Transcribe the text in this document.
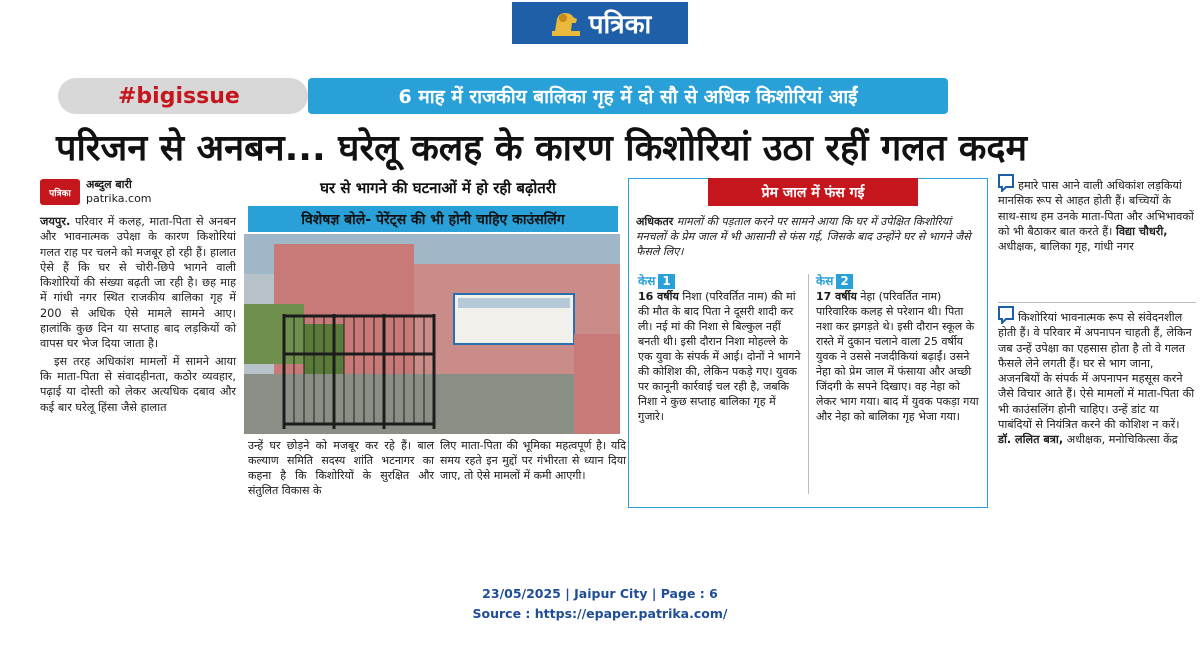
पत्रिका
#big issue	6 माह में राजकीय बालिका गृह में दो सौ से अधिक किशोरियां आईं
परिजन से अनबन... घरेलू कलह के कारण किशोरियां उठा रहीं गलत कदम
पत्रिका
अब्दुल बारी
patrika.com

जयपुर. परिवार में कलह, माता-पिता से अनबन और भावनात्मक उपेक्षा के कारण किशोरियां गलत राह पर चलने को मजबूर हो रही हैं। हालात ऐसे हैं कि घर से चोरी-छिपे भागने वाली किशोरियों की संख्या बढ़ती जा रही है। छह माह में गांधी नगर स्थित राजकीय बालिका गृह में 200 से अधिक ऐसे मामले सामने आए। हालांकि कुछ दिन या सप्ताह बाद लड़कियों को वापस घर भेज दिया जाता है।

इस तरह अधिकांश मामलों में सामने आया कि माता-पिता से संवादहीनता, कठोर व्यवहार, पढ़ाई या दोस्ती को लेकर अत्यधिक दबाव और कई बार घरेलू हिंसा जैसे हालात

घर से भागने की घटनाओं में हो रही बढ़ोतरी
विशेषज्ञ बोले- पेरेंट्स की भी होनी चाहिए काउंसलिंग
उन्हें घर छोड़ने को मजबूर कर रहे हैं। बाल कल्याण समिति सदस्य शांति भटनागर का कहना है कि किशोरियों के सुरक्षित और संतुलित विकास के
लिए माता-पिता की भूमिका महत्वपूर्ण है। यदि समय रहते इन मुद्दों पर गंभीरता से ध्यान दिया जाए, तो ऐसे मामलों में कमी आएगी।
प्रेम जाल में फंस गई
अधिकतर मामलों की पड़ताल करने पर सामने आया कि घर में उपेक्षित किशोरियां मनचलों के प्रेम जाल में भी आसानी से फंस गई, जिसके बाद उन्होंने घर से भागने जैसे फैसले लिए।
केस 1
16 वर्षीय निशा (परिवर्तित नाम) की मां की मौत के बाद पिता ने दूसरी शादी कर ली। नई मां की निशा से बिल्कुल नहीं बनती थी। इसी दौरान निशा मोहल्ले के एक युवा के संपर्क में आई। दोनों ने भागने की कोशिश की, लेकिन पकड़े गए। युवक पर कानूनी कार्रवाई चल रही है, जबकि निशा ने कुछ सप्ताह बालिका गृह में गुजारे।
केस 2
17 वर्षीय नेहा (परिवर्तित नाम) पारिवारिक कलह से परेशान थी। पिता नशा कर झगड़ते थे। इसी दौरान स्कूल के रास्ते में दुकान चलाने वाला 25 वर्षीय युवक ने उससे नजदीकियां बढ़ाईं। उसने नेहा को प्रेम जाल में फंसाया और अच्छी जिंदगी के सपने दिखाए। वह नेहा को लेकर भाग गया। बाद में युवक पकड़ा गया और नेहा को बालिका गृह भेजा गया।
हमारे पास आने वाली अधिकांश लड़कियां मानसिक रूप से आहत होती हैं। बच्चियों के साथ-साथ हम उनके माता-पिता और अभिभावकों को भी बैठाकर बात करते हैं। विद्या चौधरी, अधीक्षक, बालिका गृह, गांधी नगर
किशोरियां भावनात्मक रूप से संवेदनशील होती हैं। वे परिवार में अपनापन चाहती हैं, लेकिन जब उन्हें उपेक्षा का एहसास होता है तो वे गलत फैसले लेने लगती हैं। घर से भाग जाना, अजनबियों के संपर्क में अपनापन महसूस करने जैसे विचार आते हैं। ऐसे मामलों में माता-पिता की भी काउंसलिंग होनी चाहिए। उन्हें डांट या पाबंदियों से नियंत्रित करने की कोशिश न करें। डॉ. ललित बत्रा, अधीक्षक, मनोचिकित्सा केंद्र
23/05/2025 | Jaipur City | Page : 6
Source : https://epaper.patrika.com/
